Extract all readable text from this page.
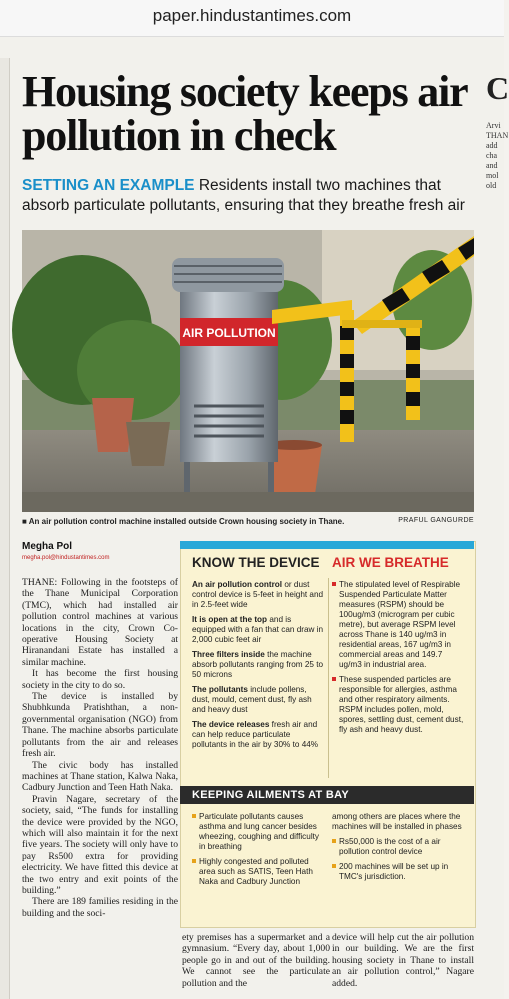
paper.hindustantimes.com
Housing society keeps air pollution in check
SETTING AN EXAMPLE Residents install two machines that absorb particulate pollutants, ensuring that they breathe fresh air
C
Arvi
THAN
add
cha
and
mol
old
AIR POLLUTION
■ An air pollution control machine installed outside Crown housing society in Thane.	PRAFUL GANGURDE
Megha Pol
megha.pol@hindustantimes.com

THANE: Following in the footsteps of the Thane Municipal Corporation (TMC), which had installed air pollution control machines at various locations in the city, Crown Co-operative Housing Society at Hiranandani Estate has installed a similar machine.

It has become the first housing society in the city to do so.

The device is installed by Shubhkunda Pratishthan, a non-governmental organisation (NGO) from Thane. The machine absorbs particulate pollutants from the air and releases fresh air.

The civic body has installed machines at Thane station, Kalwa Naka, Cadbury Junction and Teen Hath Naka.

Pravin Nagare, secretary of the society, said, “The funds for installing the device were provided by the NGO, which will also maintain it for the next five years. The society will only have to pay Rs500 extra for providing electricity. We have fitted this device at the two entry and exit points of the building.”

There are 189 families residing in the building and the soci-

KNOW THE DEVICE AIR WE BREATHE

An air pollution control or dust control device is 5-feet in height and in 2.5-feet wide

It is open at the top and is equipped with a fan that can draw in 2,000 cubic feet air

Three filters inside the machine absorb pollutants ranging from 25 to 50 microns

The pollutants include pollens, dust, mould, cement dust, fly ash and heavy dust

The device releases fresh air and can help reduce particulate pollutants in the air by 30% to 44%

The stipulated level of Respirable Suspended Particulate Matter measures (RSPM) should be 100ug/m3 (microgram per cubic metre), but average RSPM level across Thane is 140 ug/m3 in residential areas, 167 ug/m3 in commercial areas and 149.7 ug/m3 in industrial area.

These suspended particles are responsible for allergies, asthma and other respiratory ailments. RSPM includes pollen, mold, spores, settling dust, cement dust, fly ash and heavy dust.

KEEPING AILMENTS AT BAY

Particulate pollutants causes asthma and lung cancer besides wheezing, coughing and difficulty in breathing

Highly congested and polluted area such as SATIS, Teen Hath Naka and Cadbury Junction

among others are places where the machines will be installed in phases

Rs50,000 is the cost of a air pollution control device

200 machines will be set up in TMC's jurisdiction.

ety premises has a supermarket and a gymnasium. “Every day, about 1,000 people go in and out of the building. We cannot see the particulate pollution and the

device will help cut the air pollution in our building. We are the first housing society in Thane to install an air pollution control,” Nagare added.
